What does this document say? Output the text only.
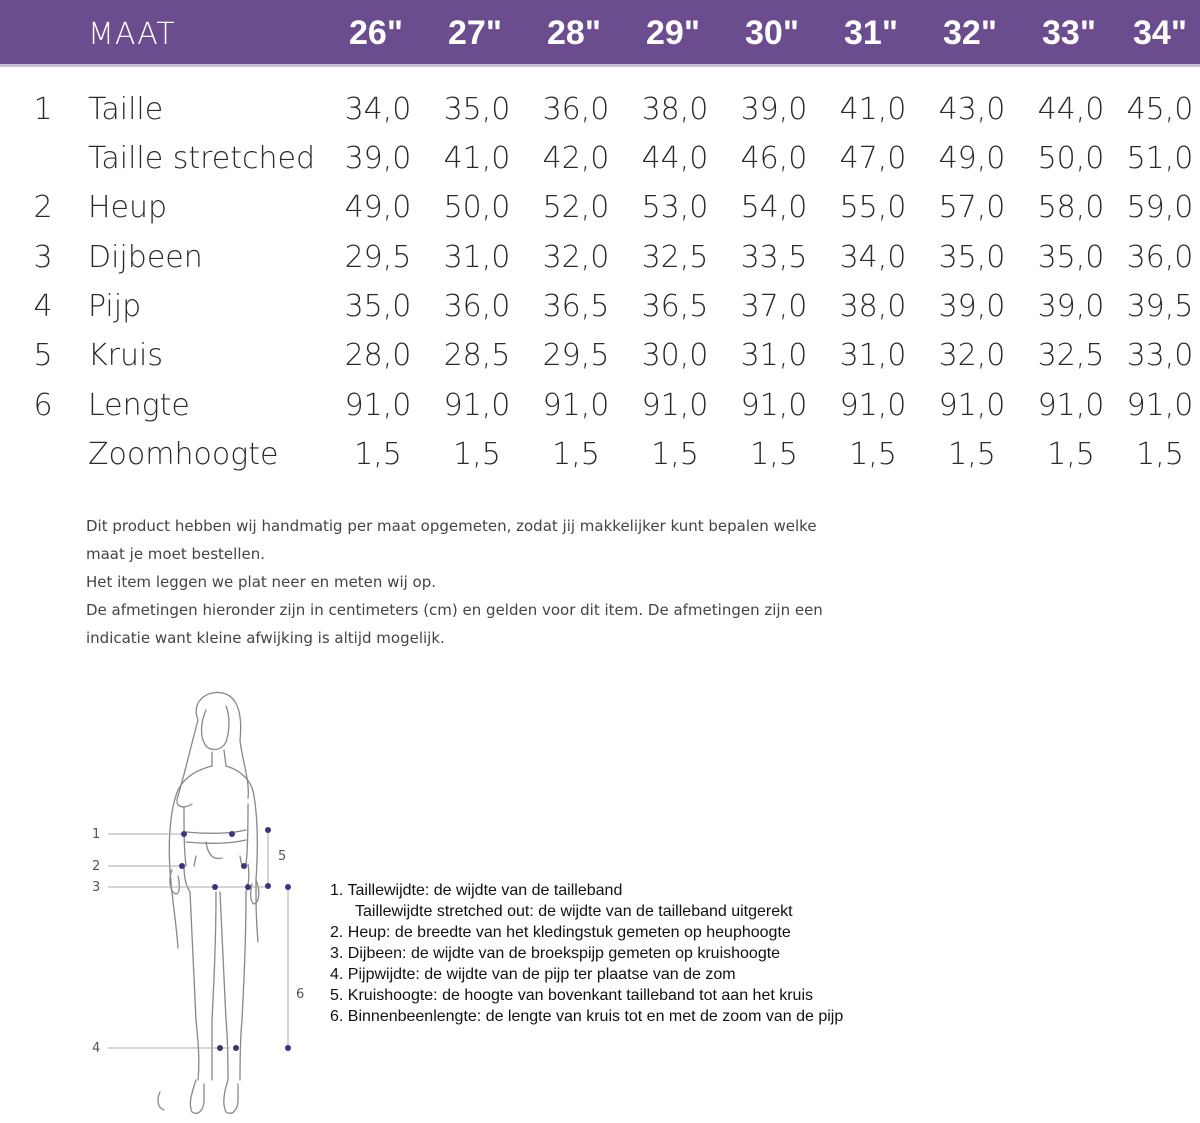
MAAT	26"	27"	28"	29"	30"	31"	32"	33"	34"
1 Taille	34,0	35,0	36,0	38,0	39,0	41,0	43,0	44,0 45,0
Taille stretched 39,0	41,0	42,0	44,0	46,0	47,0	49,0	50,0 51,0
2 Heup	49,0	50,0	52,0	53,0	54,0	55,0	57,0	58,0 59,0
3 Dijbeen	29,5	31,0	32,0	32,5	33,5	34,0	35,0	35,0 36,0
4 Pijp	35,0	36,0	36,5	36,5	37,0	38,0	39,0	39,0 39,5
5 Kruis	28,0	28,5	29,5	30,0	31,0	31,0	32,0	32,5 33,0
6 Lengte	91,0	91,0	91,0	91,0	91,0	91,0	91,0	91,0 91,0
Zoomhoogte	1,5	1,5	1,5	1,5	1,5	1,5	1,5	1,5	1,5

Dit product hebben wij handmatig per maat opgemeten, zodat jij makkelijker kunt bepalen welke

maat je moet bestellen.

Het item leggen we plat neer en meten wij op.

De afmetingen hieronder zijn in centimeters (cm) en gelden voor dit item. De afmetingen zijn een

indicatie want kleine afwijking is altijd mogelijk.

1
2
3
4
5
6

1. Taillewijdte: de wijdte van de tailleband

Taillewijdte stretched out: de wijdte van de tailleband uitgerekt

2. Heup: de breedte van het kledingstuk gemeten op heuphoogte

3. Dijbeen: de wijdte van de broekspijp gemeten op kruishoogte

4. Pijpwijdte: de wijdte van de pijp ter plaatse van de zom

5. Kruishoogte: de hoogte van bovenkant tailleband tot aan het kruis

6. Binnenbeenlengte: de lengte van kruis tot en met de zoom van de pijp
